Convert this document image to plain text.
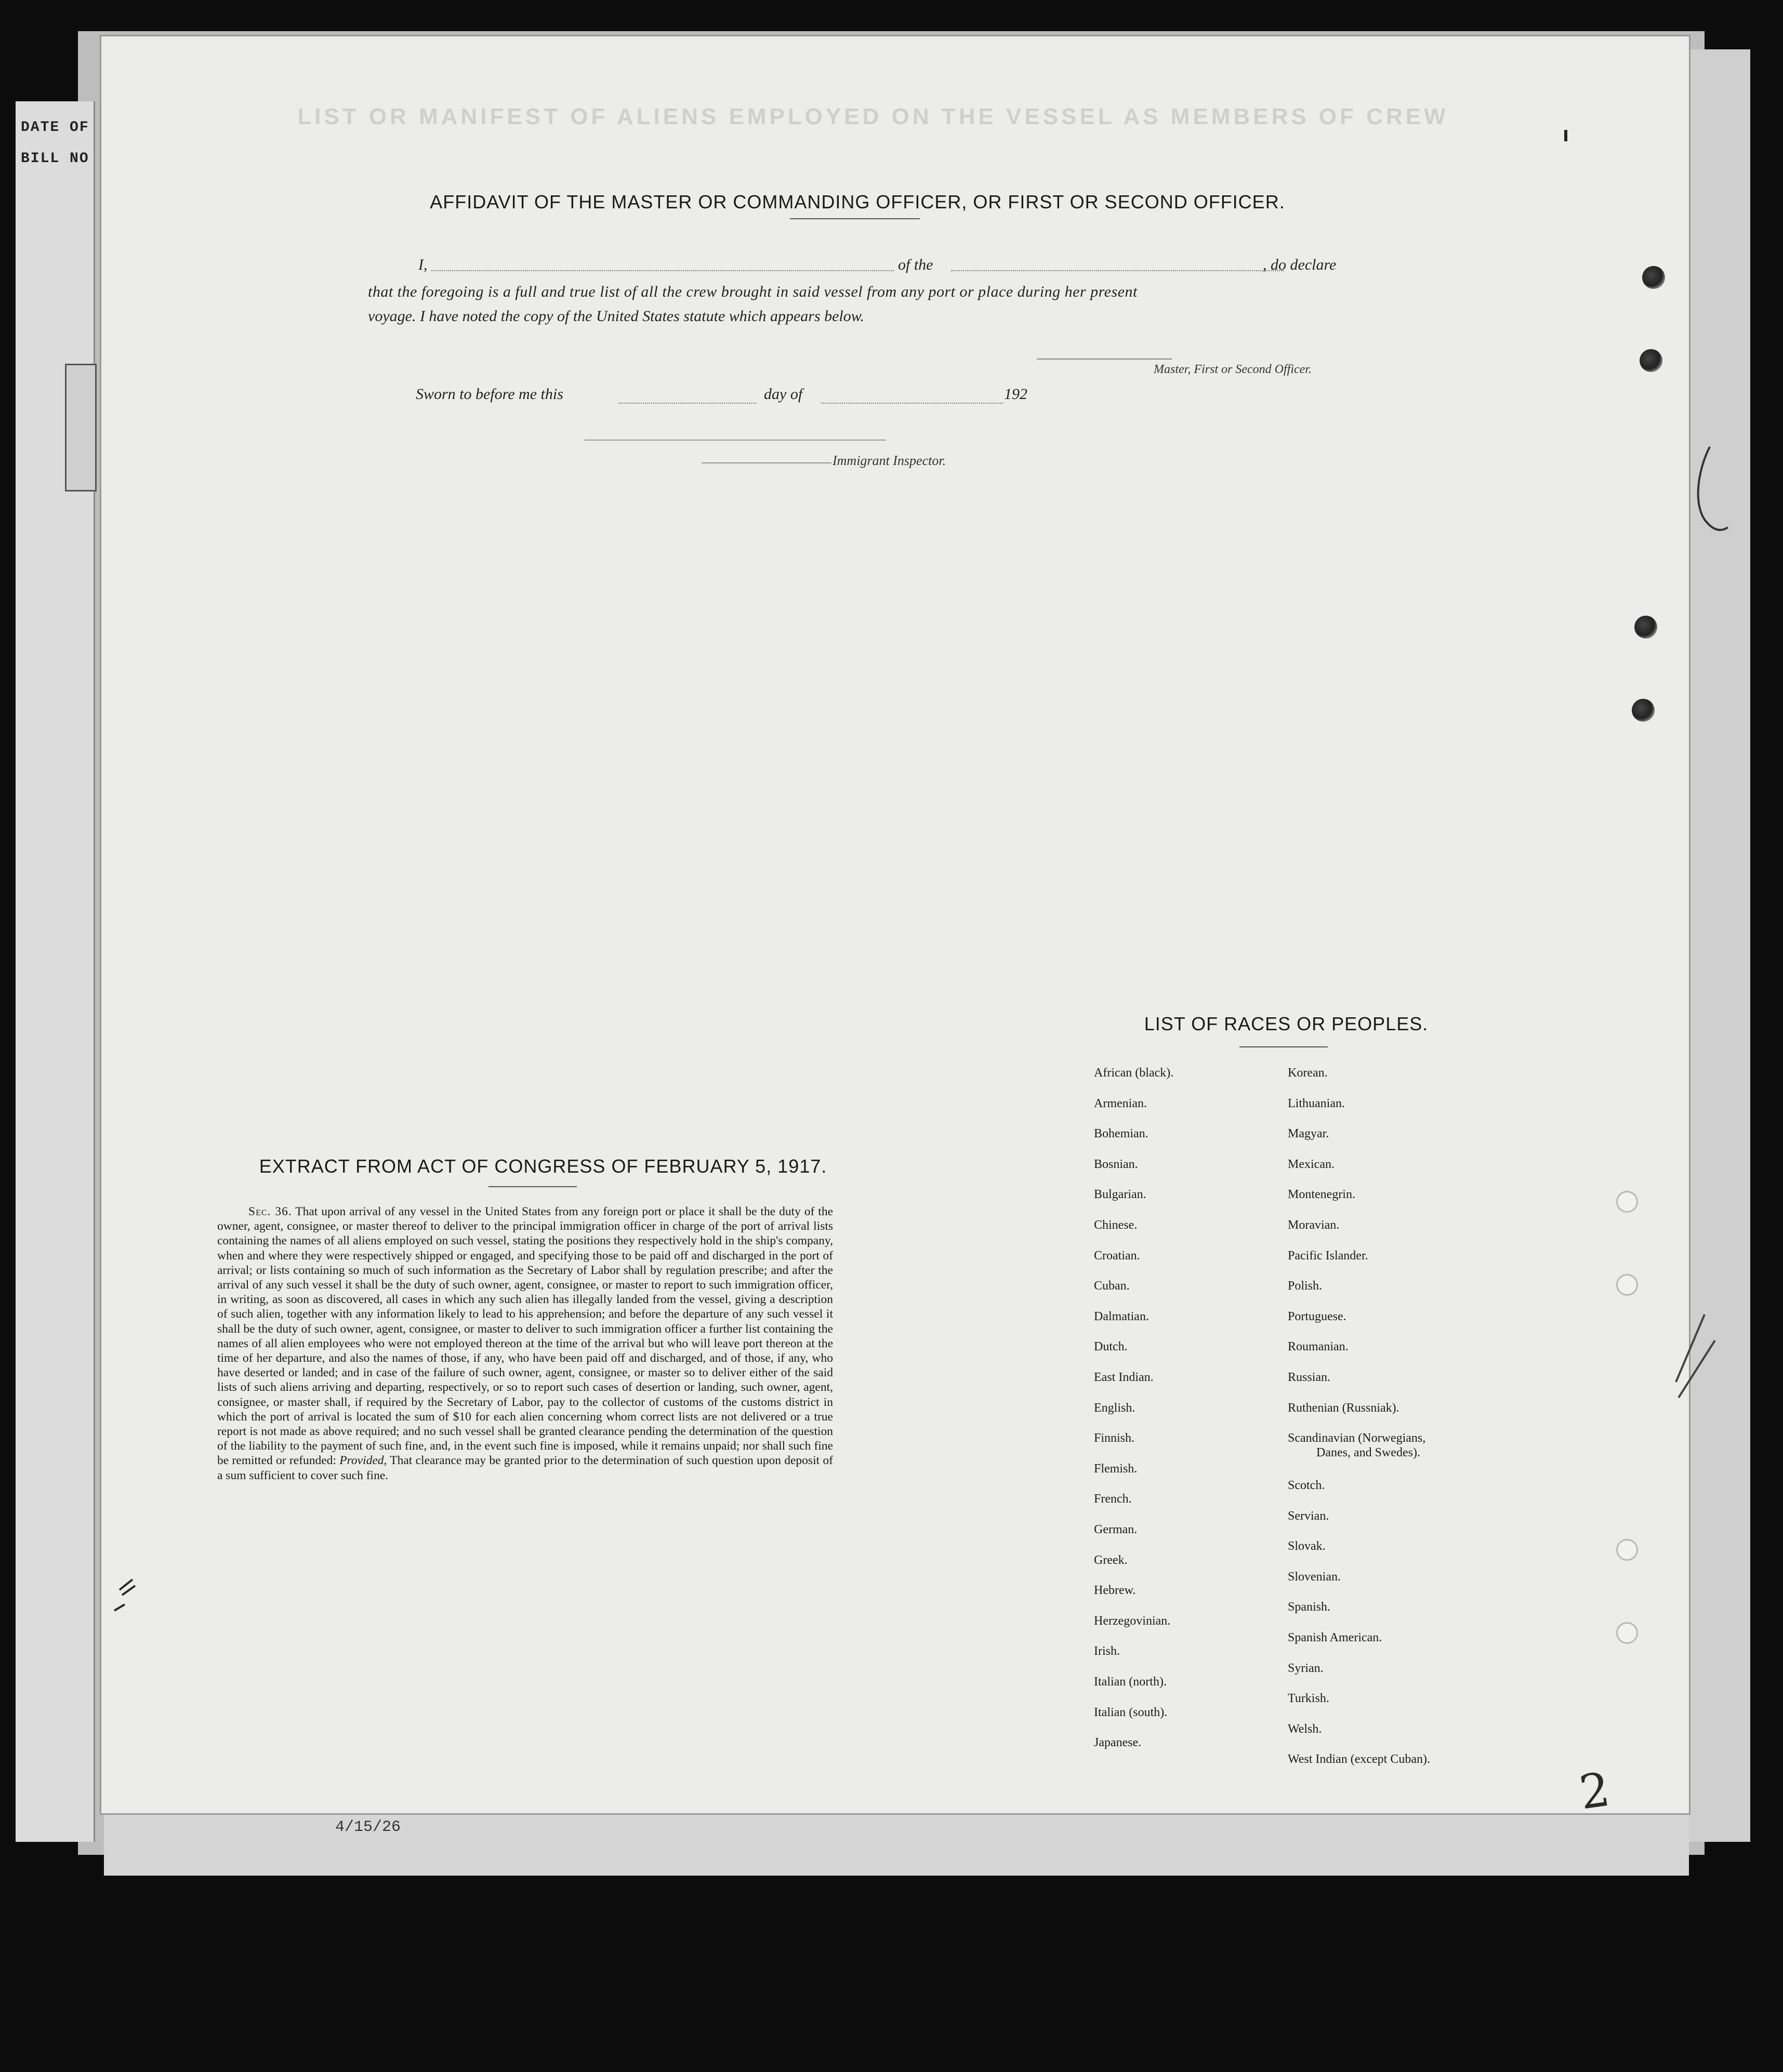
DATE OF
BILL NO
4/15/26
LIST OR MANIFEST OF ALIENS EMPLOYED ON THE VESSEL AS MEMBERS OF CREW
AFFIDAVIT OF THE MASTER OR COMMANDING OFFICER, OR FIRST OR SECOND OFFICER.
I,	of the	, do declare
that the foregoing is a full and true list of all the crew brought in said vessel from any port or place during her present
voyage. I have noted the copy of the United States statute which appears below.
Master, First or Second Officer.
Sworn to before me this	day of	192
Immigrant Inspector.
EXTRACT FROM ACT OF CONGRESS OF FEBRUARY 5, 1917.
Sec. 36. That upon arrival of any vessel in the United States from any foreign port or place it shall be the duty of the owner, agent, consignee, or master thereof to deliver to the principal immigration officer in charge of the port of arrival lists containing the names of all aliens employed on such vessel, stating the positions they respectively hold in the ship's company, when and where they were respectively shipped or engaged, and specifying those to be paid off and discharged in the port of arrival; or lists containing so much of such information as the Secretary of Labor shall by regulation prescribe; and after the arrival of any such vessel it shall be the duty of such owner, agent, consignee, or master to report to such immigration officer, in writing, as soon as discovered, all cases in which any such alien has illegally landed from the vessel, giving a description of such alien, together with any information likely to lead to his apprehension; and before the departure of any such vessel it shall be the duty of such owner, agent, consignee, or master to deliver to such immigration officer a further list containing the names of all alien employees who were not employed thereon at the time of the arrival but who will leave port thereon at the time of her departure, and also the names of those, if any, who have been paid off and discharged, and of those, if any, who have deserted or landed; and in case of the failure of such owner, agent, consignee, or master so to deliver either of the said lists of such aliens arriving and departing, respectively, or so to report such cases of desertion or landing, such owner, agent, consignee, or master shall, if required by the Secretary of Labor, pay to the collector of customs of the customs district in which the port of arrival is located the sum of $10 for each alien concerning whom correct lists are not delivered or a true report is not made as above required; and no such vessel shall be granted clearance pending the determination of the question of the liability to the payment of such fine, and, in the event such fine is imposed, while it remains unpaid; nor shall such fine be remitted or refunded: Provided, That clearance may be granted prior to the determination of such question upon deposit of a sum sufficient to cover such fine.
LIST OF RACES OR PEOPLES.
African (black).
Armenian.
Bohemian.
Bosnian.
Bulgarian.
Chinese.
Croatian.
Cuban.
Dalmatian.
Dutch.
East Indian.
English.
Finnish.
Flemish.
French.
German.
Greek.
Hebrew.
Herzegovinian.
Irish.
Italian (north).
Italian (south).
Japanese.
Korean.
Lithuanian.
Magyar.
Mexican.
Montenegrin.
Moravian.
Pacific Islander.
Polish.
Portuguese.
Roumanian.
Russian.
Ruthenian (Russniak).
Scandinavian (Norwegians,
Danes, and Swedes).
Scotch.
Servian.
Slovak.
Slovenian.
Spanish.
Spanish American.
Syrian.
Turkish.
Welsh.
West Indian (except Cuban).
2
